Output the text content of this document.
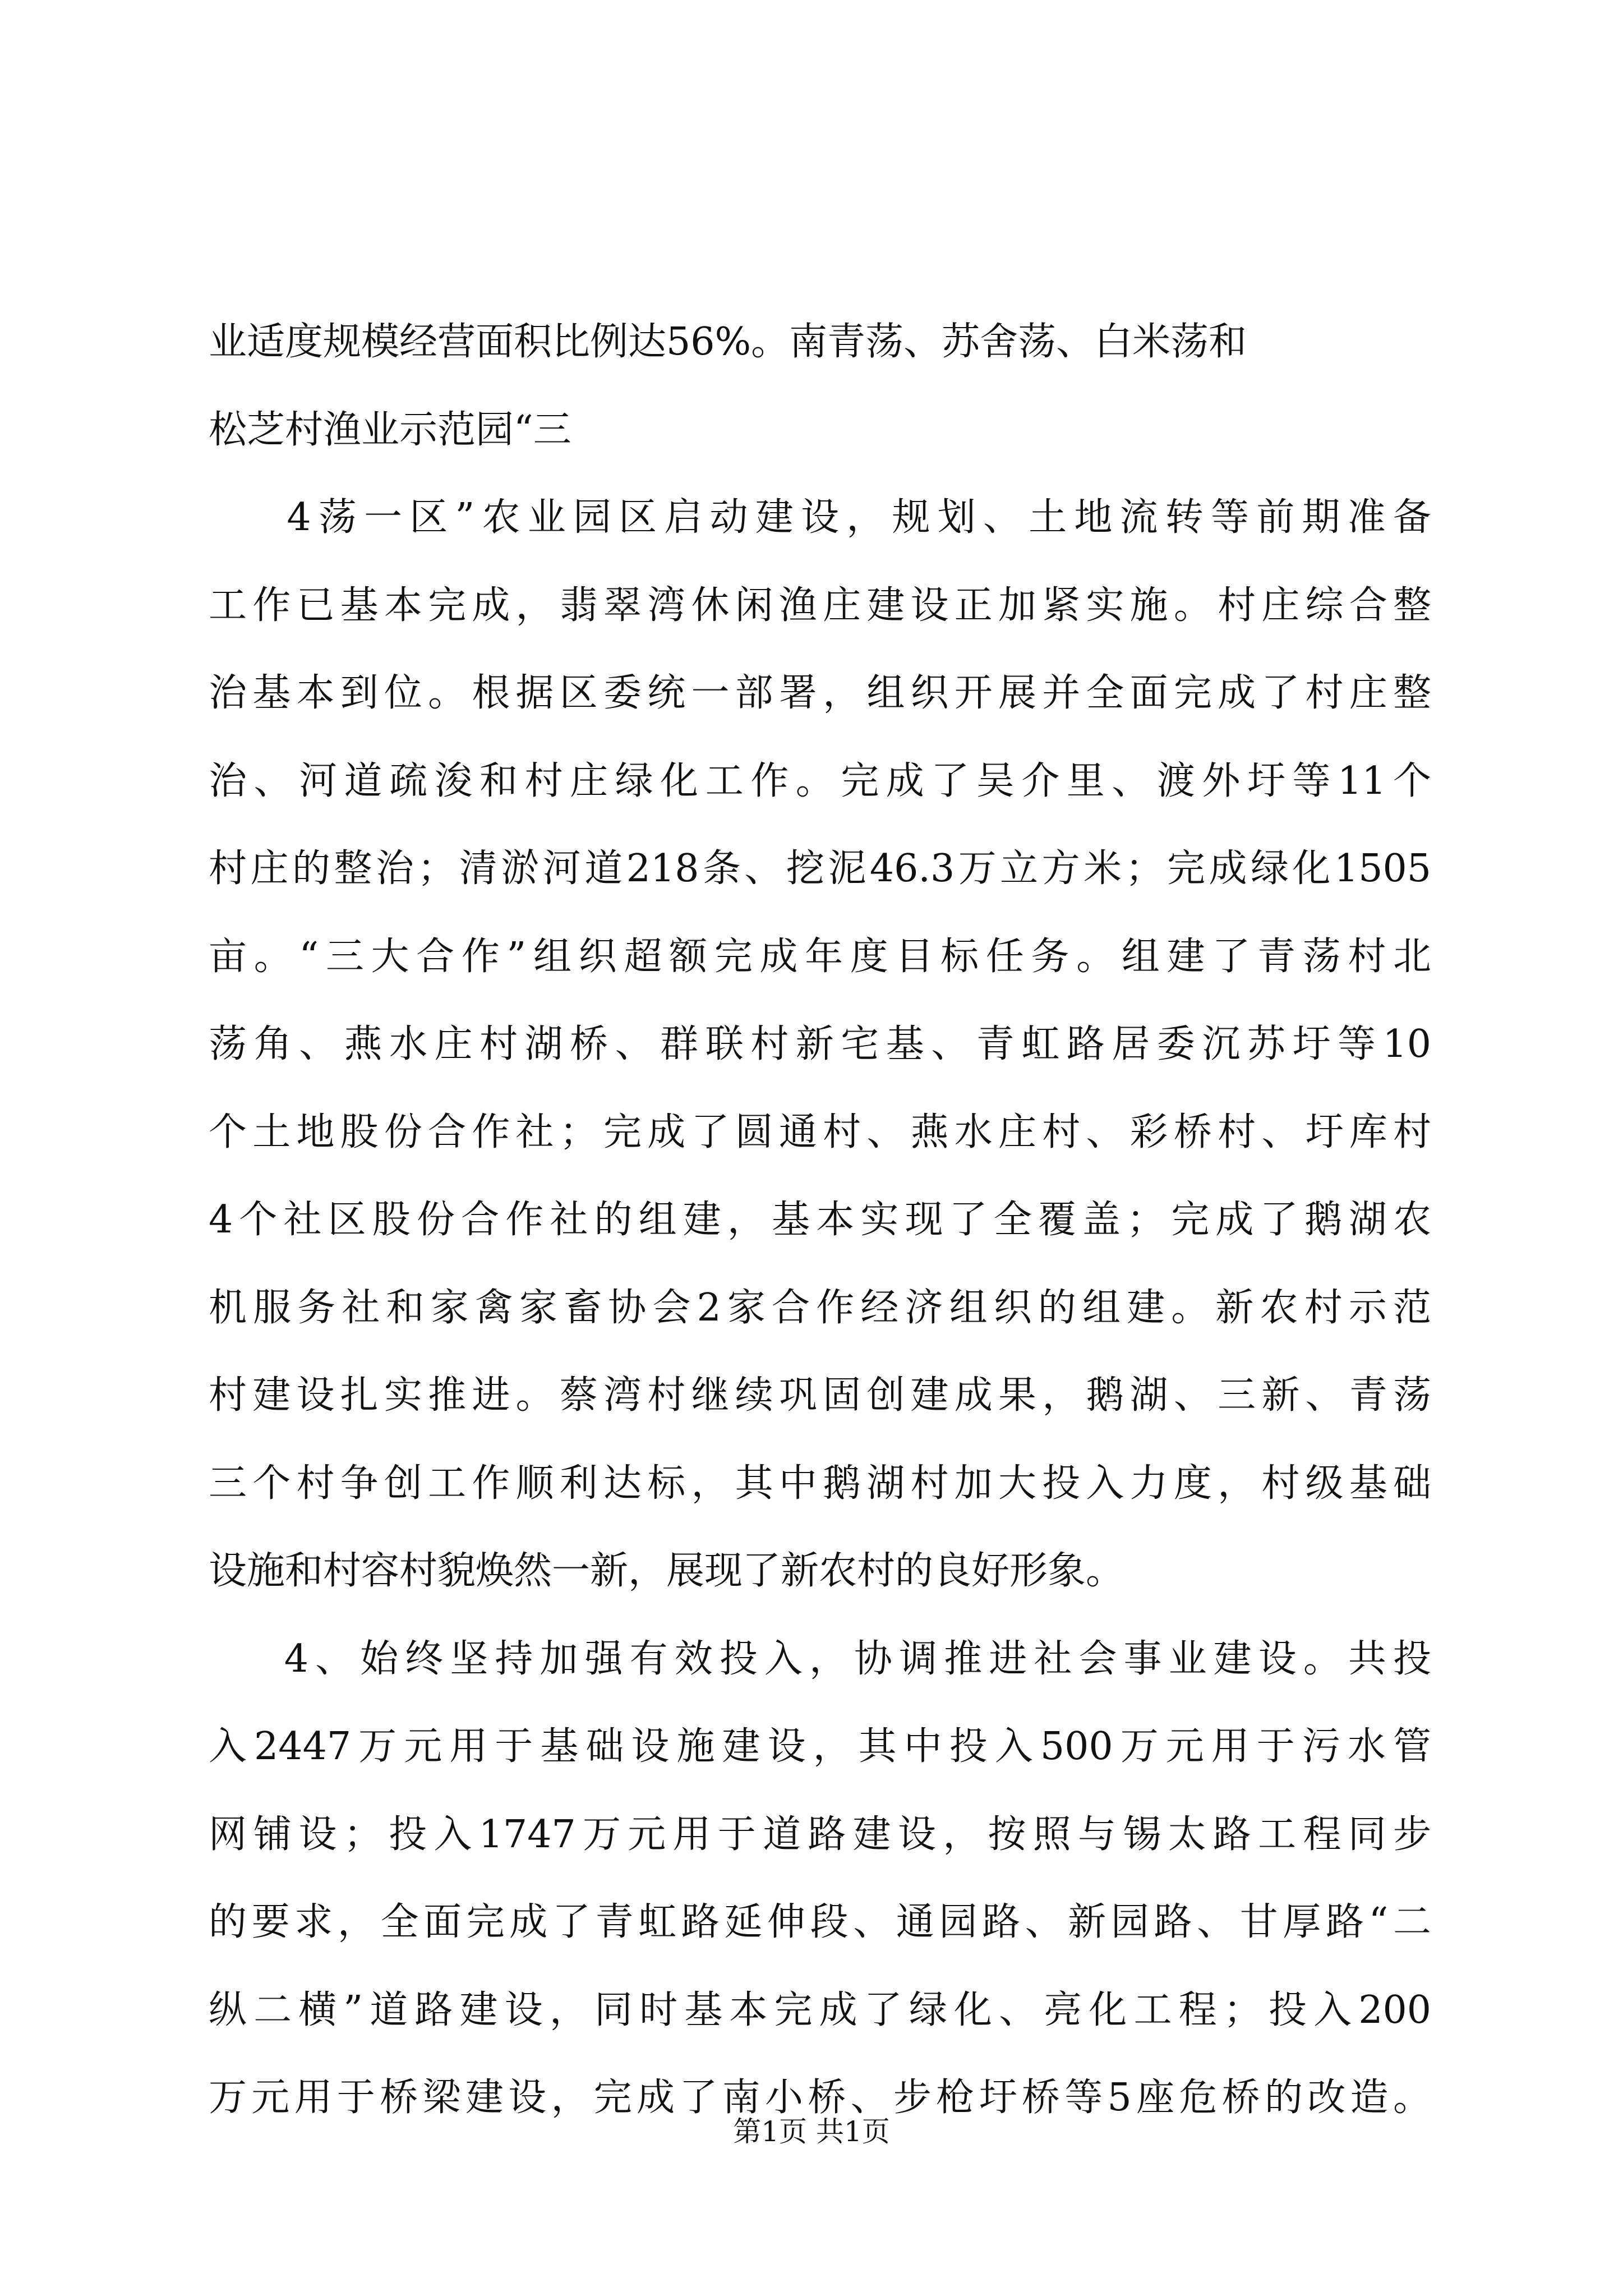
业适度规模经营面积比例达56%。南青荡、苏舍荡、白米荡和
松芝村渔业示范园“三
4荡一区”农业园区启动建设，规划、土地流转等前期准备
工作已基本完成，翡翠湾休闲渔庄建设正加紧实施。村庄综合整
治基本到位。根据区委统一部署，组织开展并全面完成了村庄整
治、河道疏浚和村庄绿化工作。完成了吴介里、渡外圩等11个
村庄的整治；清淤河道218条、挖泥46.3万立方米；完成绿化1505
亩。“三大合作”组织超额完成年度目标任务。组建了青荡村北
荡角、燕水庄村湖桥、群联村新宅基、青虹路居委沉苏圩等10
个土地股份合作社；完成了圆通村、燕水庄村、彩桥村、圩库村
4个社区股份合作社的组建，基本实现了全覆盖；完成了鹅湖农
机服务社和家禽家畜协会2家合作经济组织的组建。新农村示范
村建设扎实推进。蔡湾村继续巩固创建成果，鹅湖、三新、青荡
三个村争创工作顺利达标，其中鹅湖村加大投入力度，村级基础
设施和村容村貌焕然一新，展现了新农村的良好形象。
4、始终坚持加强有效投入，协调推进社会事业建设。共投
入2447万元用于基础设施建设，其中投入500万元用于污水管
网铺设；投入1747万元用于道路建设，按照与锡太路工程同步
的要求，全面完成了青虹路延伸段、通园路、新园路、甘厚路“二
纵二横”道路建设，同时基本完成了绿化、亮化工程；投入200
万元用于桥梁建设，完成了南小桥、步枪圩桥等5座危桥的改造。
第1页 共1页
